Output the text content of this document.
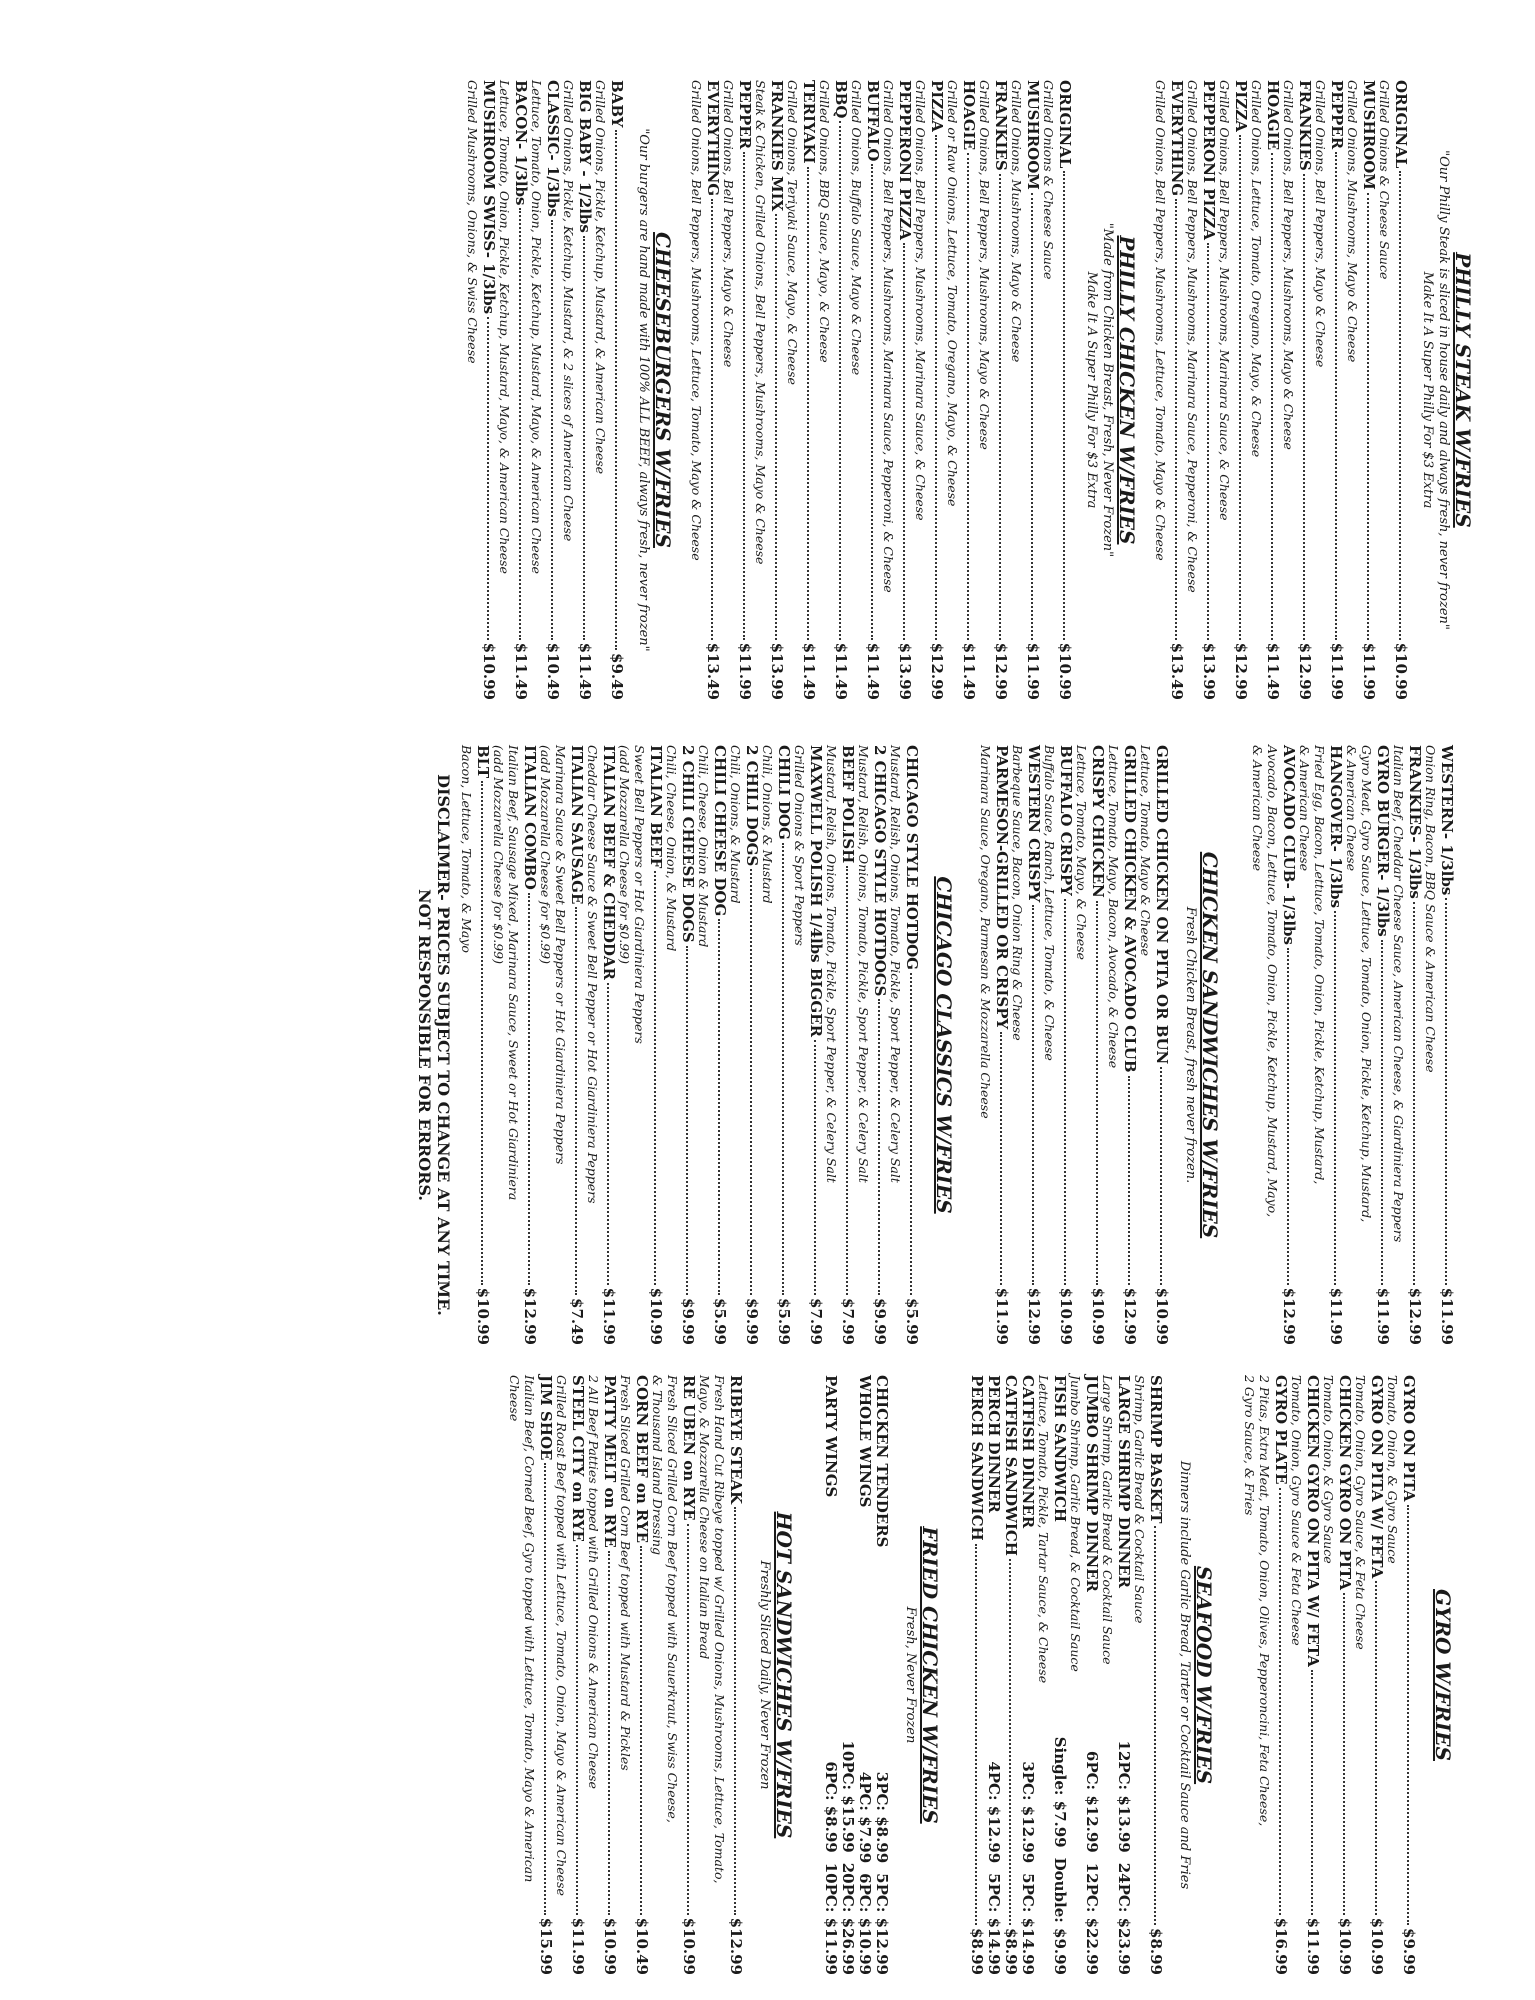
PHILLY STEAK W/FRIES
"Our Philly Steak is sliced in house daily and always fresh, never frozen"
Make It A Super Philly For $3 Extra
ORIGINAL
$10.99
Grilled Onions & Cheese Sauce
MUSHROOM
$11.99
Grilled Onions, Mushrooms, Mayo & Cheese
PEPPER
$11.99
Grilled Onions, Bell Peppers, Mayo & Cheese
FRANKIES
$12.99
Grilled Onions, Bell Peppers, Mushrooms, Mayo & Cheese
HOAGIE
$11.49
Grilled Onions, Lettuce, Tomato, Oregano, Mayo, & Cheese
PIZZA
$12.99
Grilled Onions, Bell Peppers, Mushrooms, Marinara Sauce, & Cheese
PEPPERONI PIZZA
$13.99
Grilled Onions, Bell Peppers, Mushrooms, Marinara Sauce, Pepperoni, & Cheese
EVERYTHING
$13.49
Grilled Onions, Bell Peppers, Mushrooms, Lettuce, Tomato, Mayo & Cheese
PHILLY CHICKEN W/FRIES
"Made from Chicken Breast, Fresh, Never Frozen"
Make It A Super Philly For $3 Extra
ORIGINAL
$10.99
Grilled Onions & Cheese Sauce
MUSHROOM
$11.99
Grilled Onions, Mushrooms, Mayo & Cheese
FRANKIES
$12.99
Grilled Onions, Bell Peppers, Mushrooms, Mayo & Cheese
HOAGIE
$11.49
Grilled or Raw Onions, Lettuce, Tomato, Oregano, Mayo, & Cheese
PIZZA
$12.99
Grilled Onions, Bell Peppers, Mushrooms, Marinara Sauce, & Cheese
PEPPERONI PIZZA
$13.99
Grilled Onions, Bell Peppers, Mushrooms, Marinara Sauce, Pepperoni, & Cheese
BUFFALO
$11.49
Grilled Onions, Buffalo Sauce, Mayo & Cheese
BBQ
$11.49
Grilled Onions, BBQ Sauce, Mayo, & Cheese
TERIYAKI
$11.49
Grilled Onions, Teriyaki Sauce, Mayo, & Cheese
FRANKIES MIX
$13.99
Steak & Chicken, Grilled Onions, Bell Peppers, Mushrooms, Mayo & Cheese
PEPPER
$11.99
Grilled Onions, Bell Peppers, Mayo & Cheese
EVERYTHING
$13.49
Grilled Onions, Bell Peppers, Mushrooms, Lettuce, Tomato, Mayo & Cheese
CHEESEBURGERS W/FRIES
"Our burgers are hand made with 100% ALL BEEF, always fresh, never frozen"
BABY
$9.49
Grilled Onions, Pickle, Ketchup, Mustard, & American Cheese
BIG BABY - 1/2lbs
$11.49
Grilled Onions, Pickle, Ketchup, Mustard, & 2 slices of American Cheese
CLASSIC- 1/3lbs
$10.49
Lettuce, Tomato, Onion, Pickle, Ketchup, Mustard, Mayo, & American Cheese
BACON- 1/3lbs
$11.49
Lettuce, Tomato, Onion, Pickle, Ketchup, Mustard, Mayo, & American Cheese
MUSHROOM SWISS- 1/3lbs
$10.99
Grilled Mushrooms, Onions, & Swiss Cheese
WESTERN- 1/3lbs
$11.99
Onion Ring, Bacon, BBQ Sauce & American Cheese
FRANKIES- 1/3lbs
$12.99
Italian Beef, Cheddar Cheese Sauce, American Cheese, & Giardiniera Peppers
GYRO BURGER- 1/3lbs
$11.99
Gyro Meat, Gyro Sauce, Lettuce, Tomato, Onion, Pickle, Ketchup, Mustard,
& American Cheese
HANGOVER- 1/3lbs
$11.99
Fried Egg, Bacon, Lettuce, Tomato, Onion, Pickle, Ketchup, Mustard,
& American Cheese
AVOCADO CLUB- 1/3lbs
$12.99
Avocado, Bacon, Lettuce, Tomato, Onion, Pickle, Ketchup, Mustard, Mayo,
& American Cheese
CHICKEN SANDWICHES W/FRIES
Fresh Chicken Breast, fresh never frozen.
GRILLED CHICKEN ON PITA OR BUN
$10.99
Lettuce, Tomato, Mayo & Cheese
GRILLED CHICKEN & AVOCADO CLUB
$12.99
Lettuce, Tomato, Mayo, Bacon, Avocado, & Cheese
CRISPY CHICKEN
$10.99
Lettuce, Tomato, Mayo, & Cheese
BUFFALO CRISPY
$10.99
Buffalo Sauce, Ranch, Lettuce, Tomato, & Cheese
WESTERN CRISPY
$12.99
Barbeque Sauce, Bacon, Onion Ring & Cheese
PARMESON-GRILLED OR CRISPY
$11.99
Marinara Sauce, Oregano, Parmesan & Mozzarella Cheese
CHICAGO CLASSICS W/FRIES
CHICAGO STYLE HOTDOG
$5.99
Mustard, Relish, Onions, Tomato, Pickle, Sport Pepper, & Celery Salt
2 CHICAGO STYLE HOTDOGS
$9.99
Mustard, Relish, Onions, Tomato, Pickle, Sport Pepper, & Celery Salt
BEEF POLISH
$7.99
Mustard, Relish, Onions, Tomato, Pickle, Sport Pepper, & Celery Salt
MAXWELL POLISH 1/4lbs BIGGER
$7.99
Grilled Onions & Sport Peppers
CHILI DOG
$5.99
Chili, Onions, & Mustard
2 CHILI DOGS
$9.99
Chili, Onions, & Mustard
CHILI CHEESE DOG
$5.99
Chili, Cheese, Onion & Mustard
2 CHILI CHEESE DOGS
$9.99
Chili, Cheese, Onion, & Mustard
ITALIAN BEEF
$10.99
Sweet Bell Peppers or Hot Giardiniera Peppers
(add Mozzarella Cheese for $0.99)
ITALIAN BEEF & CHEDDAR
$11.99
Cheddar Cheese Sauce & Sweet Bell Pepper or Hot Giardiniera Peppers
ITALIAN SAUSAGE
$7.49
Marinara Sauce & Sweet Bell Peppers or Hot Giardiniera Peppers
(add Mozzarella Cheese for $0.99)
ITALIAN COMBO
$12.99
Italian Beef, Sausage Mixed, Marinara Sauce, Sweet or Hot Giardiniera
(add Mozzarella Cheese for $0.99)
BLT
$10.99
Bacon, Lettuce, Tomato, & Mayo
DISCLAIMER- PRICES SUBJECT TO CHANGE AT ANY TIME.
NOT RESPONSIBLE FOR ERRORS.
GYRO W/FRIES
GYRO ON PITA
$9.99
Tomato, Onion, & Gyro Sauce
GYRO ON PITA W/ FETA
$10.99
Tomato, Onion, Gyro Sauce, & Feta Cheese
CHICKEN GYRO ON PITA
$10.99
Tomato, Onion, & Gyro Sauce
CHICKEN GYRO ON PITA W/ FETA
$11.99
Tomato, Onion, Gyro Sauce & Feta Cheese
GYRO PLATE
$16.99
2 Pitas, Extra Meat, Tomato, Onion, Olives, Pepperoncini, Feta Cheese,
2 Gyro Sauce, & Fries
SEAFOOD W/FRIES
Dinners include Garlic Bread, Tarter or Cocktail Sauce and Fries
SHRIMP BASKET
$8.99
Shrimp, Garlic Bread & Cocktail Sauce
LARGE SHRIMP DINNER
12PC: $13.99
24PC: $23.99
Large Shrimp, Garlic Bread & Cocktail Sauce
JUMBO SHRIMP DINNER
6PC: $12.99
12PC: $22.99
Jumbo Shrimp, Garlic Bread, & Cocktail Sauce
FISH SANDWICH
Single: $7.99
Double: $9.99
Lettuce, Tomato, Pickle, Tartar Sauce, & Cheese
CATFISH DINNER
3PC: $12.99
5PC: $14.99
CATFISH SANDWICH
$8.99
PERCH DINNER
4PC: $12.99
5PC: $14.99
PERCH SANDWICH
$8.99
FRIED CHICKEN W/FRIES
Fresh, Never Frozen
CHICKEN TENDERS
3PC: $8.99
5PC: $12.99
WHOLE WINGS
4PC: $7.99
6PC: $10.99
10PC: $15.99
20PC: $26.99
PARTY WINGS
6PC: $8.99
10PC: $11.99
HOT SANDWICHES W/FRIES
Freshly Sliced Daily, Never Frozen
RIBEYE STEAK
$12.99
Fresh Hand Cut Ribeye topped w/ Grilled Onions, Mushrooms, Lettuce, Tomato,
Mayo, & Mozzarella Cheese on Italian Bread
RE UBEN on RYE
$10.99
Fresh Sliced Grilled Corn Beef topped with Sauerkraut, Swiss Cheese,
& Thousand Island Dressing
CORN BEEF on RYE
$10.49
Fresh Sliced Grilled Corn Beef topped with Mustard & Pickles
PATTY MELT on RYE
$10.99
2 All Beef Patties topped with Grilled Onions & American Cheese
STEEL CITY on RYE
$11.99
Grilled Roast Beef topped with Lettuce, Tomato, Onion, Mayo & American Cheese
JIM SHOE
$15.99
Italian Beef, Corned Beef, Gyro topped with Lettuce, Tomato, Mayo & American
Cheese
